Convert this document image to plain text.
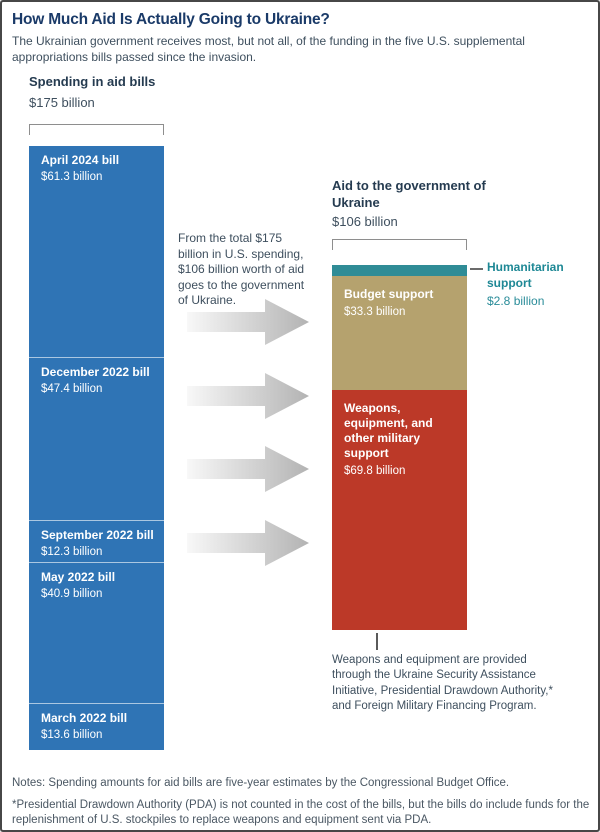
How Much Aid Is Actually Going to Ukraine?
The Ukrainian government receives most, but not all, of the funding in the five U.S. supplemental appropriations bills passed since the invasion.
Spending in aid bills
$175 billion
April 2024 bill
$61.3 billion
December 2022 bill
$47.4 billion
September 2022 bill
$12.3 billion
May 2022 bill
$40.9 billion
March 2022 bill
$13.6 billion
From the total $175 billion in U.S. spending, $106 billion worth of aid goes to the government of Ukraine.
Aid to the government of Ukraine
$106 billion
Budget support
$33.3 billion
Weapons, equipment, and other military support
$69.8 billion
Humanitarian support
$2.8 billion
Weapons and equipment are provided through the Ukraine Security Assistance Initiative, Presidential Drawdown Authority,* and Foreign Military Financing Program.
Notes: Spending amounts for aid bills are five-year estimates by the Congressional Budget Office.
*Presidential Drawdown Authority (PDA) is not counted in the cost of the bills, but the bills do include funds for the replenishment of U.S. stockpiles to replace weapons and equipment sent via PDA.
